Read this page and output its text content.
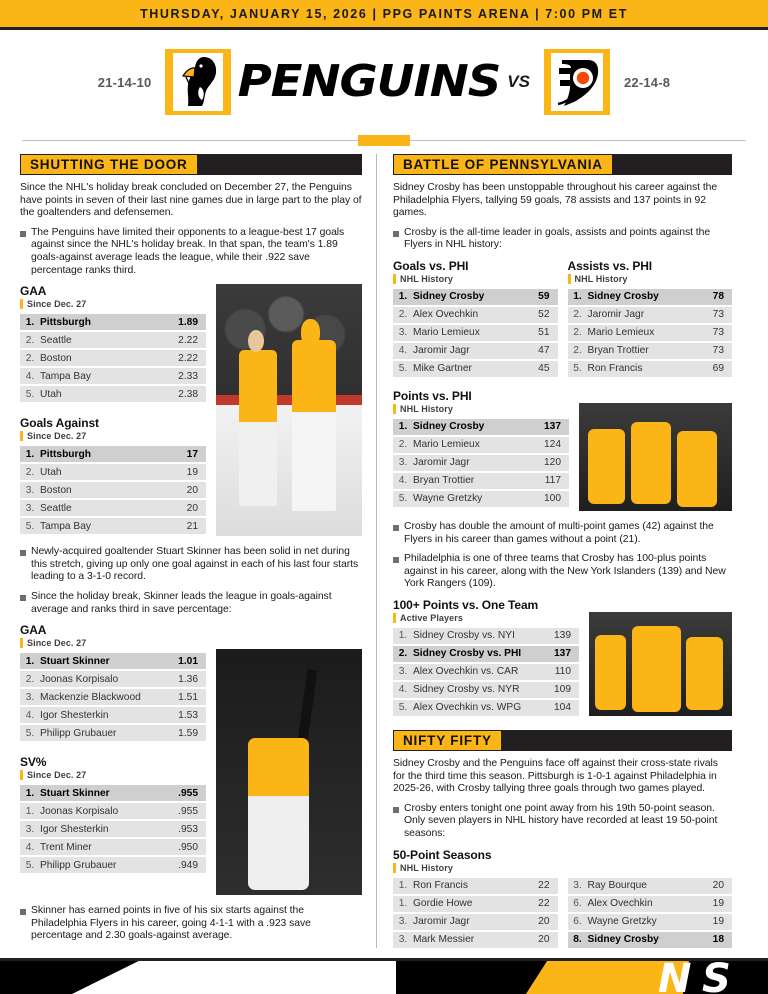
THURSDAY, JANUARY 15, 2026 | PPG PAINTS ARENA | 7:00 PM ET
21-14-10 PENGUINS VS	22-14-8
SHUTTING THE DOOR

Since the NHL's holiday break concluded on December 27, the Penguins have points in seven of their last nine games due in large part to the play of the goaltenders and defensemen.

The Penguins have limited their opponents to a league-best 17 goals against since the NHL's holiday break. In that span, the team's 1.89 goals-against average leads the league, while their .922 save percentage ranks third.

GAA
Since Dec. 27
1.	Pittsburgh	1.89
2.	Seattle	2.22
2.	Boston	2.22
4.	Tampa Bay	2.33
5.	Utah	2.38
Goals Against
Since Dec. 27
1.	Pittsburgh	17
2.	Utah	19
3.	Boston	20
3.	Seattle	20
5.	Tampa Bay	21

Newly-acquired goaltender Stuart Skinner has been solid in net during this stretch, giving up only one goal against in each of his last four starts leading to a 3-1-0 record.

Since the holiday break, Skinner leads the league in goals-against average and ranks third in save percentage:

GAA
Since Dec. 27
1.	Stuart Skinner	1.01
2.	Joonas Korpisalo	1.36
3.	Mackenzie Blackwood	1.51
4.	Igor Shesterkin	1.53
5.	Philipp Grubauer	1.59
SV%
Since Dec. 27
1.	Stuart Skinner	.955
1.	Joonas Korpisalo	.955
3.	Igor Shesterkin	.953
4.	Trent Miner	.950
5.	Philipp Grubauer	.949

Skinner has earned points in five of his six starts against the Philadelphia Flyers in his career, going 4-1-1 with a .923 save percentage and 2.30 goals-against average.

BATTLE OF PENNSYLVANIA

Sidney Crosby has been unstoppable throughout his career against the Philadelphia Flyers, tallying 59 goals, 78 assists and 137 points in 92 games.

Crosby is the all-time leader in goals, assists and points against the Flyers in NHL history:

Goals vs. PHI
NHL History
1.	Sidney Crosby	59
2.	Alex Ovechkin	52
3.	Mario Lemieux	51
4.	Jaromir Jagr	47
5.	Mike Gartner	45
Assists vs. PHI
NHL History
1.	Sidney Crosby	78
2.	Jaromir Jagr	73
2.	Mario Lemieux	73
2.	Bryan Trottier	73
5.	Ron Francis	69
Points vs. PHI
NHL History
1.	Sidney Crosby	137
2.	Mario Lemieux	124
3.	Jaromir Jagr	120
4.	Bryan Trottier	117
5.	Wayne Gretzky	100

Crosby has double the amount of multi-point games (42) against the Flyers in his career than games without a point (21).

Philadelphia is one of three teams that Crosby has 100-plus points against in his career, along with the New York Islanders (139) and New York Rangers (109).

100+ Points vs. One Team
Active Players
1.	Sidney Crosby vs. NYI	139
2.	Sidney Crosby vs. PHI	137
3.	Alex Ovechkin vs. CAR	110
4.	Sidney Crosby vs. NYR	109
5.	Alex Ovechkin vs. WPG	104
NIFTY FIFTY

Sidney Crosby and the Penguins face off against their cross-state rivals for the third time this season. Pittsburgh is 1-0-1 against Philadelphia in 2025-26, with Crosby tallying three goals through two games played.

Crosby enters tonight one point away from his 19th 50-point season. Only seven players in NHL history have recorded at least 19 50-point seasons:

50-Point Seasons
NHL History
1.	Ron Francis	22
1.	Gordie Howe	22
3.	Jaromir Jagr	20
3.	Mark Messier	20
3.	Ray Bourque	20
6.	Alex Ovechkin	19
6.	Wayne Gretzky	19
8.	Sidney Crosby	18
N S
